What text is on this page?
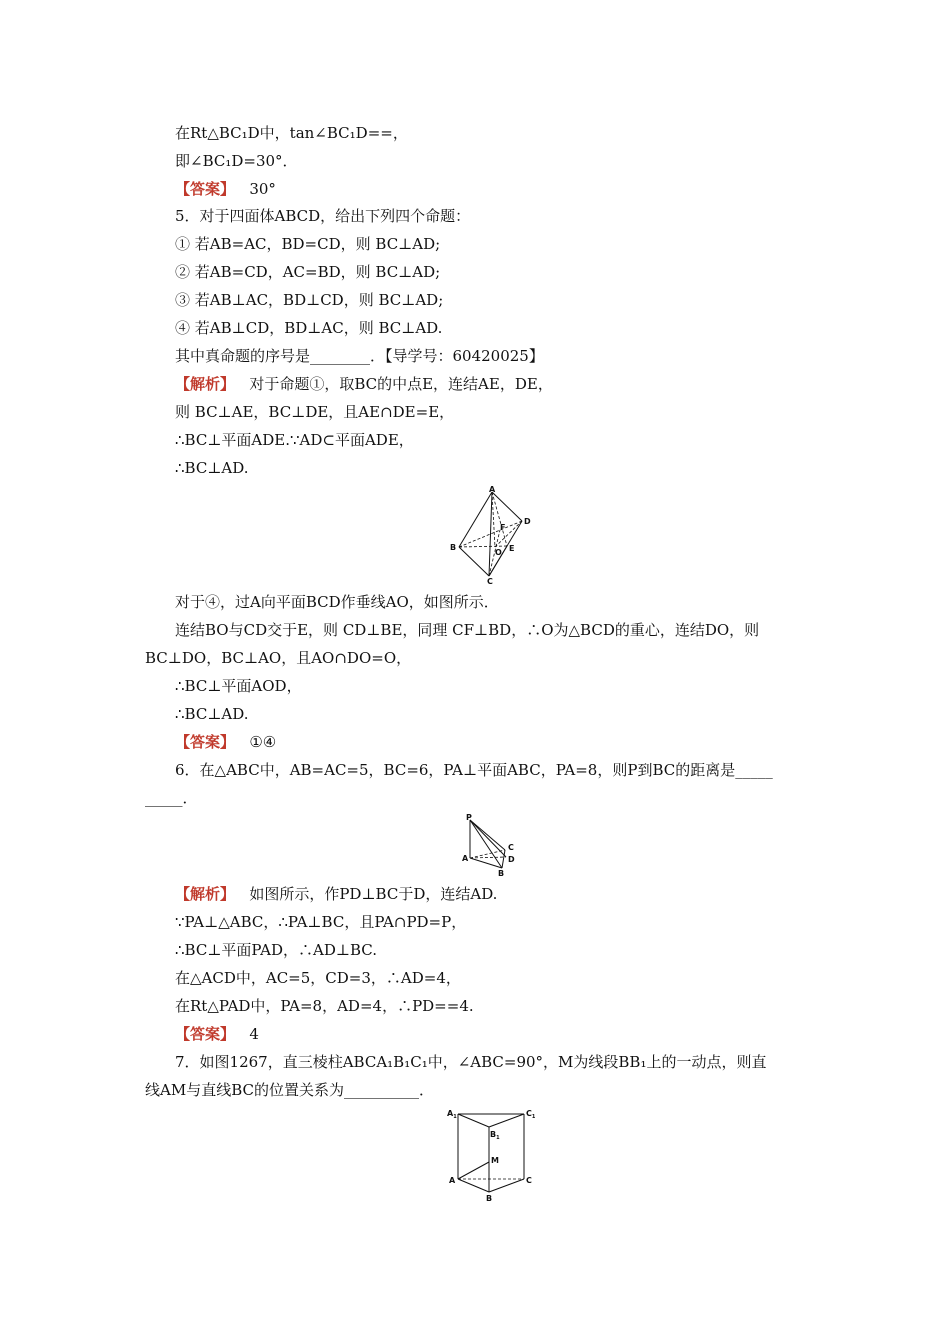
在Rt△BC₁D中，tan∠BC₁D==，
即∠BC₁D=30°．
【答案】 30°
5．对于四面体ABCD，给出下列四个命题：
① 若AB=AC，BD=CD，则 BC⊥AD;
② 若AB=CD，AC=BD，则 BC⊥AD;
③ 若AB⊥AC，BD⊥CD，则 BC⊥AD;
④ 若AB⊥CD，BD⊥AC，则 BC⊥AD.
其中真命题的序号是________．【导学号：60420025】
【解析】 对于命题①，取BC的中点E，连结AE，DE，
则 BC⊥AE，BC⊥DE，且AE∩DE=E，
∴BC⊥平面ADE.∵AD⊂平面ADE，
∴BC⊥AD.
A
B
C
D
E
F
O
对于④，过A向平面BCD作垂线AO，如图所示．
连结BO与CD交于E，则 CD⊥BE，同理 CF⊥BD，∴O为△BCD的重心，连结DO，则
BC⊥DO，BC⊥AO，且AO∩DO=O，
∴BC⊥平面AOD，
∴BC⊥AD.
【答案】 ①④
6．在△ABC中，AB=AC=5，BC=6，PA⊥平面ABC，PA=8，则P到BC的距离是_____
_____．
P
A
B
C
D
【解析】 如图所示，作PD⊥BC于D，连结AD.
∵PA⊥△ABC，∴PA⊥BC，且PA∩PD=P，
∴BC⊥平面PAD，∴AD⊥BC.
在△ACD中，AC=5，CD=3，∴AD=4，
在Rt△PAD中，PA=8，AD=4，∴PD==4.
【答案】 4
7．如图1267，直三棱柱ABCA₁B₁C₁中，∠ABC=90°，M为线段BB₁上的一动点，则直
线AM与直线BC的位置关系为__________．
$A_1$
$B_1$
$C_1$
M
A
B
C
